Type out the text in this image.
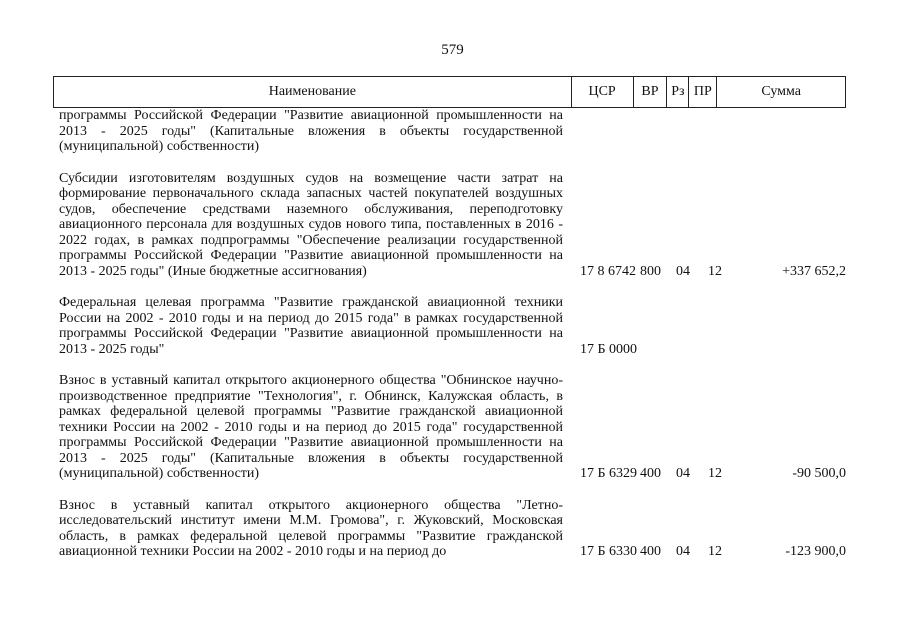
579
Наименование	ЦСР	ВР Рз ПР	Сумма
программы Российской Федерации "Развитие авиационной промышленности на 2013 - 2025 годы" (Капитальные вложения в объекты государственной (муниципальной) собственности)
Субсидии изготовителям воздушных судов на возмещение части затрат на формирование первоначального склада запасных частей покупателей воздушных судов, обеспечение средствами наземного обслуживания, переподготовку авиационного персонала для воздушных судов нового типа, поставленных в 2016 - 2022 годах, в рамках подпрограммы "Обеспечение реализации государственной программы Российской Федерации "Развитие авиационной промышленности на 2013 - 2025 годы" (Иные бюджетные ассигнования)	17 8 6742 800	04	12	+337 652,2
Федеральная целевая программа "Развитие гражданской авиационной техники России на 2002 - 2010 годы и на период до 2015 года" в рамках государственной программы Российской Федерации "Развитие авиационной промышленности на 2013 - 2025 годы"	17 Б 0000
Взнос в уставный капитал открытого акционерного общества "Обнинское научно-производственное предприятие "Технология", г. Обнинск, Калужская область, в рамках федеральной целевой программы "Развитие гражданской авиационной техники России на 2002 - 2010 годы и на период до 2015 года" государственной программы Российской Федерации "Развитие авиационной промышленности на 2013 - 2025 годы" (Капитальные вложения в объекты государственной (муниципальной) собственности)	17 Б 6329 400	04	12	-90 500,0
Взнос в уставный капитал открытого акционерного общества "Летно-исследовательский институт имени М.М. Громова", г. Жуковский, Московская область, в рамках федеральной целевой программы "Развитие гражданской авиационной техники России на 2002 - 2010 годы и на период до	17 Б 6330 400	04	12	-123 900,0
